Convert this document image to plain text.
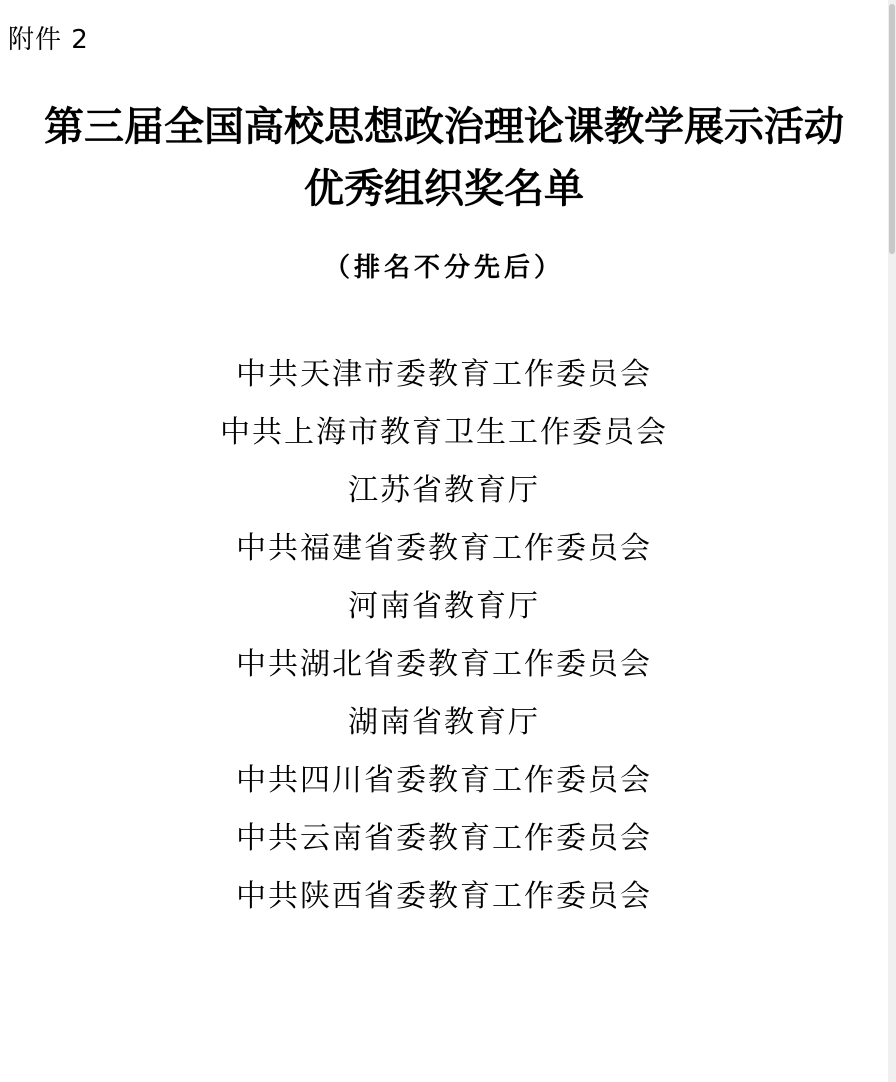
附件 2
第三届全国高校思想政治理论课教学展示活动
优秀组织奖名单
（排名不分先后）
中共天津市委教育工作委员会
中共上海市教育卫生工作委员会
江苏省教育厅
中共福建省委教育工作委员会
河南省教育厅
中共湖北省委教育工作委员会
湖南省教育厅
中共四川省委教育工作委员会
中共云南省委教育工作委员会
中共陕西省委教育工作委员会
